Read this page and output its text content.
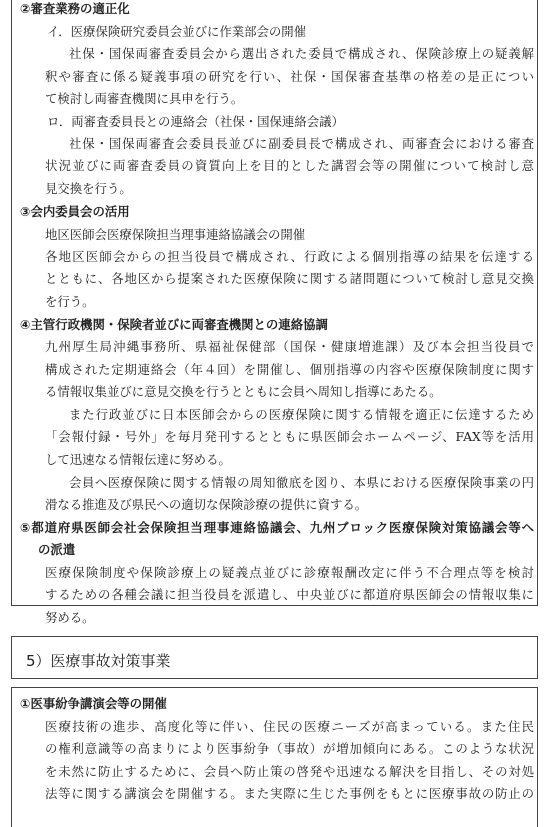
②審査業務の適正化
イ．医療保険研究委員会並びに作業部会の開催
社保・国保両審査委員会から選出された委員で構成され、保険診療上の疑義解
釈や審査に係る疑義事項の研究を行い、社保・国保審査基準の格差の是正につい
て検討し両審査機関に具申を行う。
ロ．両審査委員長との連絡会（社保・国保連絡会議）
社保・国保両審査会委員長並びに副委員長で構成され、両審査会における審査
状況並びに両審査委員の資質向上を目的とした講習会等の開催について検討し意
見交換を行う。
③会内委員会の活用
地区医師会医療保険担当理事連絡協議会の開催
各地区医師会からの担当役員で構成され、行政による個別指導の結果を伝達する
とともに、各地区から提案された医療保険に関する諸問題について検討し意見交換
を行う。
④主管行政機関・保険者並びに両審査機関との連絡協調
九州厚生局沖縄事務所、県福祉保健部（国保・健康増進課）及び本会担当役員で
構成された定期連絡会（年４回）を開催し、個別指導の内容や医療保険制度に関す
る情報収集並びに意見交換を行うとともに会員へ周知し指導にあたる。
また行政並びに日本医師会からの医療保険に関する情報を適正に伝達するため
「会報付録・号外」を毎月発刊するとともに県医師会ホームページ、FAX等を活用
して迅速なる情報伝達に努める。
会員へ医療保険に関する情報の周知徹底を図り、本県における医療保険事業の円
滑なる推進及び県民への適切な保険診療の提供に資する。
⑤都道府県医師会社会保険担当理事連絡協議会、九州ブロック医療保険対策協議会等へ
の派遣
医療保険制度や保険診療上の疑義点並びに診療報酬改定に伴う不合理点等を検討
するための各種会議に担当役員を派遣し、中央並びに都道府県医師会の情報収集に
努める。
5）医療事故対策事業
①医事紛争講演会等の開催
医療技術の進歩、高度化等に伴い、住民の医療ニーズが高まっている。また住民
の権利意識等の高まりにより医事紛争（事故）が増加傾向にある。このような状況
を未然に防止するために、会員へ防止策の啓発や迅速なる解決を目指し、その対処
法等に関する講演会を開催する。また実際に生じた事例をもとに医療事故の防止の
